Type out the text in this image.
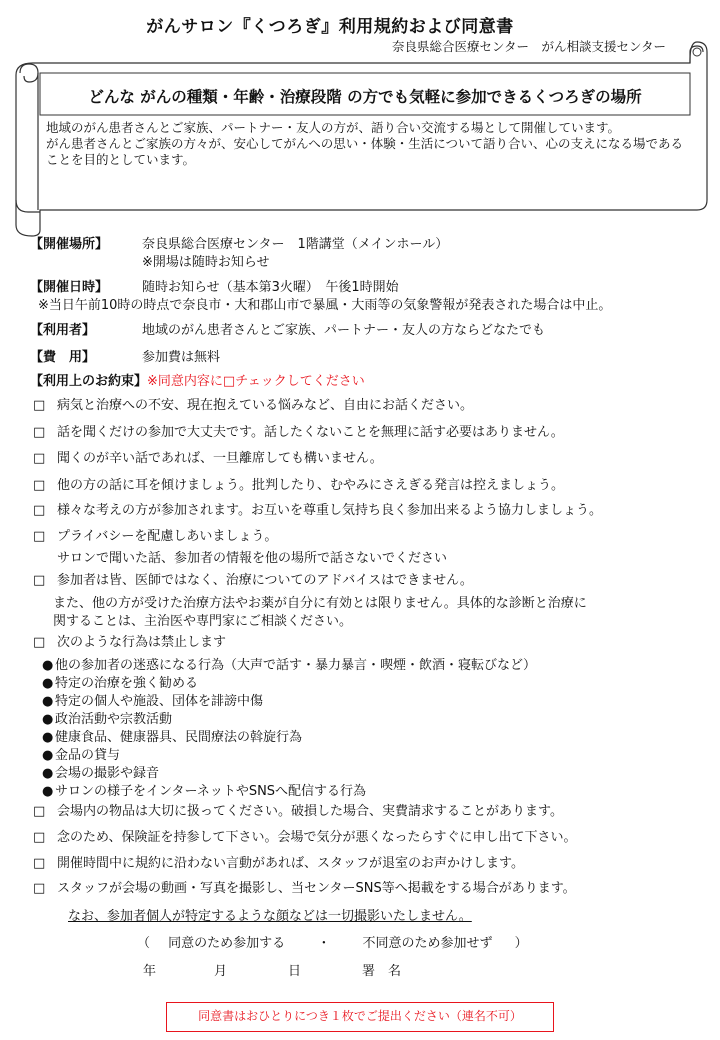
がんサロン『くつろぎ』利用規約および同意書
奈良県総合医療センター　がん相談支援センター
どんな がんの種類・年齢・治療段階 の方でも気軽に参加できるくつろぎの場所

地域のがん患者さんとご家族、パートナー・友人の方が、語り合い交流する場として開催しています。

がん患者さんとご家族の方々が、安心してがんへの思い・体験・生活について語り合い、心の支えになる場であることを目的としています。

【開催場所】	奈良県総合医療センター　1階講堂（メインホール）
※開場は随時お知らせ
【開催日時】	随時お知らせ（基本第3火曜）　午後1時開始
※当日午前10時の時点で奈良市・大和郡山市で暴風・大雨等の気象警報が発表された場合は中止。
【利用者】	地域のがん患者さんとご家族、パートナー・友人の方ならどなたでも
【費　用】	参加費は無料
【利用上のお約束】※同意内容に□チェックしてください
□ 病気と治療への不安、現在抱えている悩みなど、自由にお話ください。
□ 話を聞くだけの参加で大丈夫です。話したくないことを無理に話す必要はありません。
□ 聞くのが辛い話であれば、一旦離席しても構いません。
□ 他の方の話に耳を傾けましょう。批判したり、むやみにさえぎる発言は控えましょう。
□ 様々な考えの方が参加されます。お互いを尊重し気持ち良く参加出来るよう協力しましょう。
□ プライバシーを配慮しあいましょう。
サロンで聞いた話、参加者の情報を他の場所で話さないでください
□ 参加者は皆、医師ではなく、治療についてのアドバイスはできません。
また、他の方が受けた治療方法やお薬が自分に有効とは限りません。具体的な診断と治療に
関することは、主治医や専門家にご相談ください。
□ 次のような行為は禁止します
● 他の参加者の迷惑になる行為（大声で話す・暴力暴言・喫煙・飲酒・寝転びなど）
● 特定の治療を強く勧める
● 特定の個人や施設、団体を誹謗中傷
● 政治活動や宗教活動
● 健康食品、健康器具、民間療法の斡旋行為
● 金品の貸与
● 会場の撮影や録音
● サロンの様子をインターネットやSNSへ配信する行為
□ 会場内の物品は大切に扱ってください。破損した場合、実費請求することがあります。
□ 念のため、保険証を持参して下さい。会場で気分が悪くなったらすぐに申し出て下さい。
□ 開催時間中に規約に沿わない言動があれば、スタッフが退室のお声かけします。
□ スタッフが会場の動画・写真を撮影し、当センターSNS等へ掲載をする場合があります。
なお、参加者個人が特定するような顔などは一切撮影いたしません。
（ 同意のため参加する ・ 不同意のため参加せず ）
年	月	日	署　名
同意書はおひとりにつき１枚でご提出ください（連名不可）
